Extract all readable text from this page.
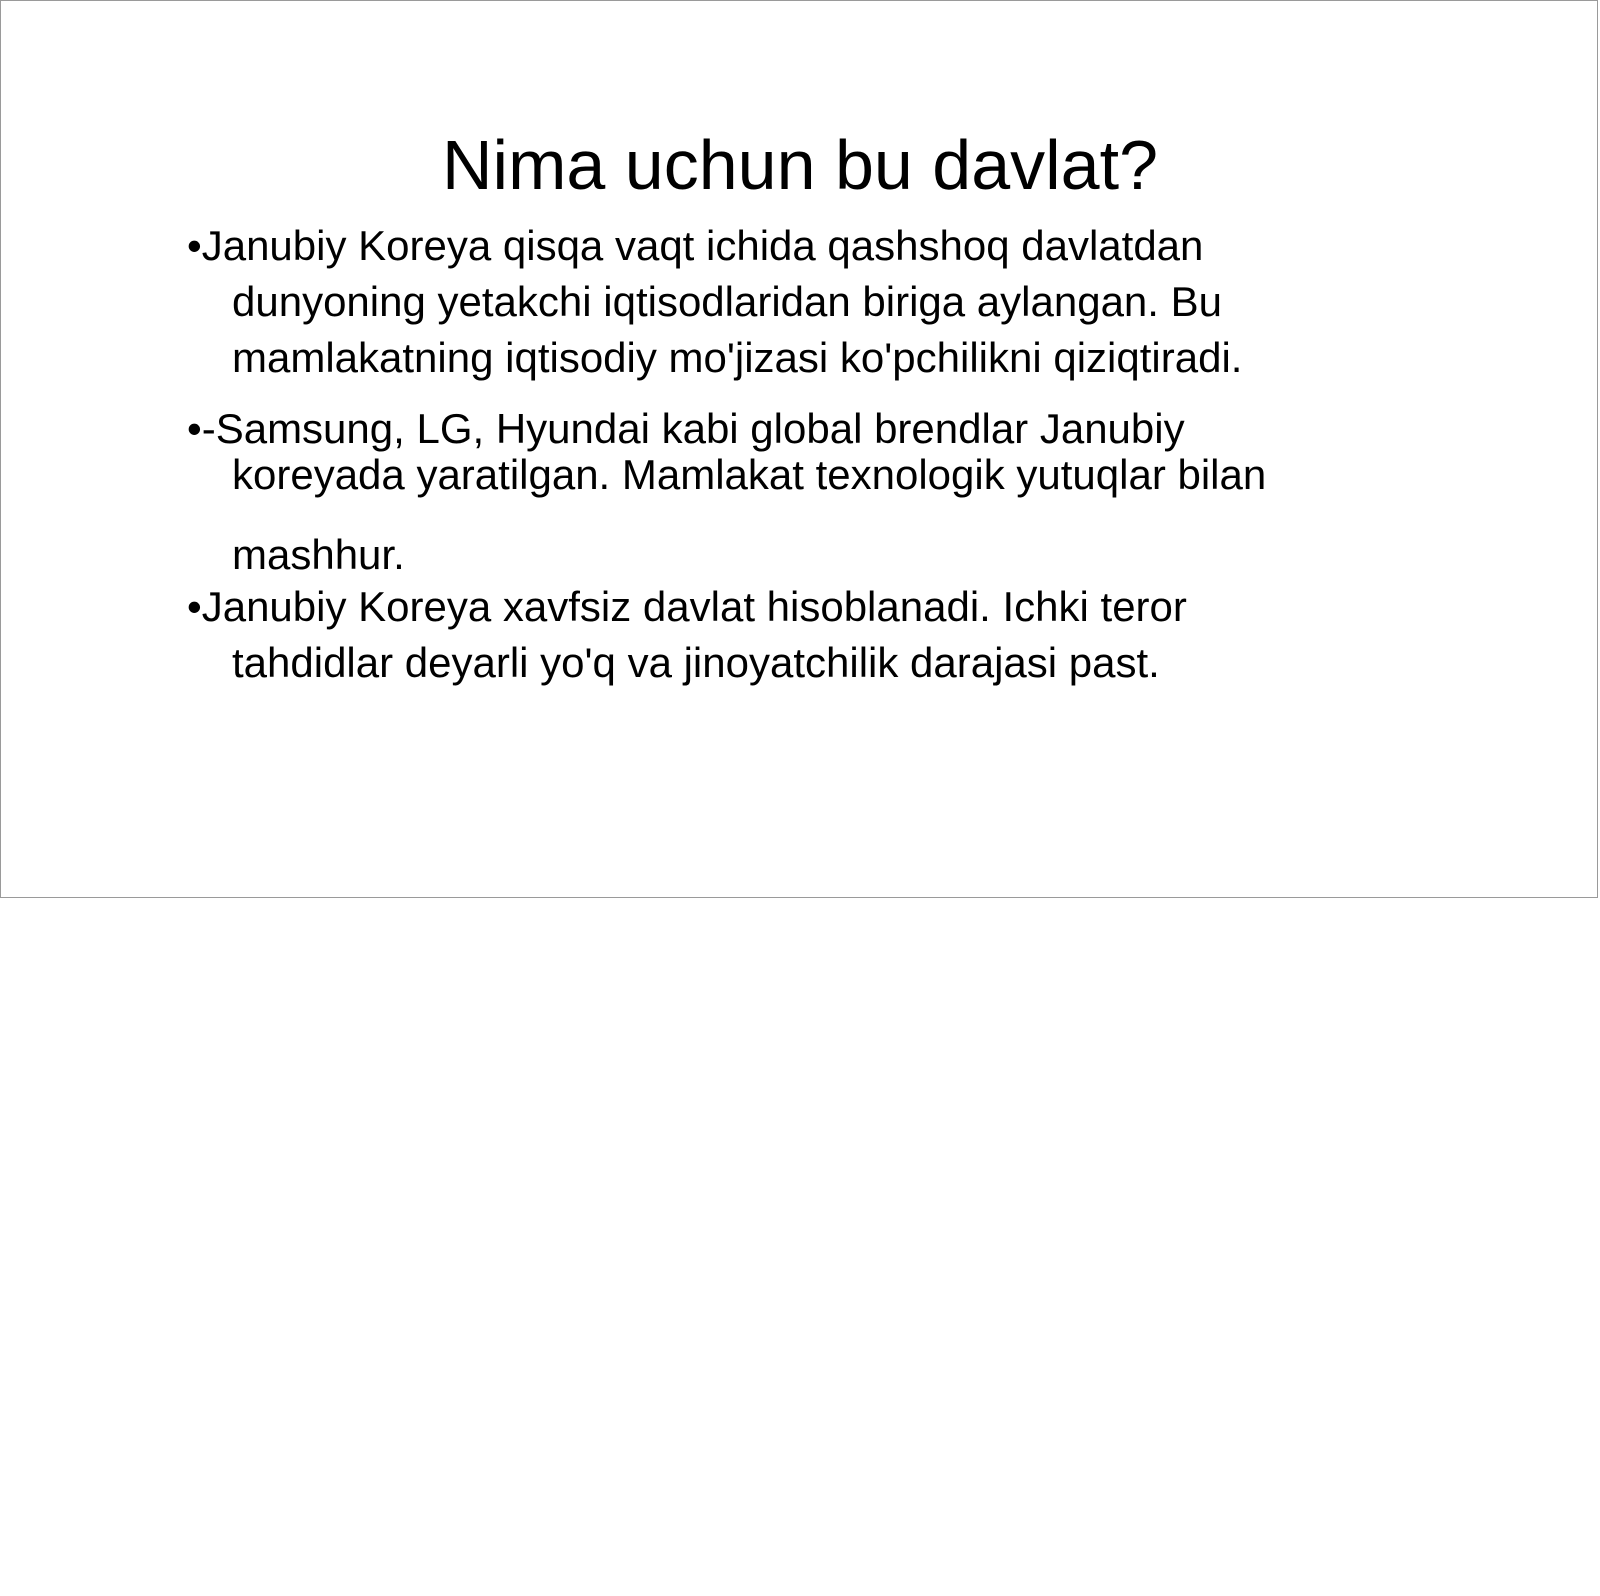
Nima uchun bu davlat?
•Janubiy Koreya qisqa vaqt ichida qashshoq davlatdan
dunyoning yetakchi iqtisodlaridan biriga aylangan. Bu
mamlakatning iqtisodiy mo'jizasi ko'pchilikni qiziqtiradi.
•-Samsung, LG, Hyundai kabi global brendlar Janubiy
koreyada yaratilgan. Mamlakat texnologik yutuqlar bilan
mashhur.
•Janubiy Koreya xavfsiz davlat hisoblanadi. Ichki teror
tahdidlar deyarli yo'q va jinoyatchilik darajasi past.
